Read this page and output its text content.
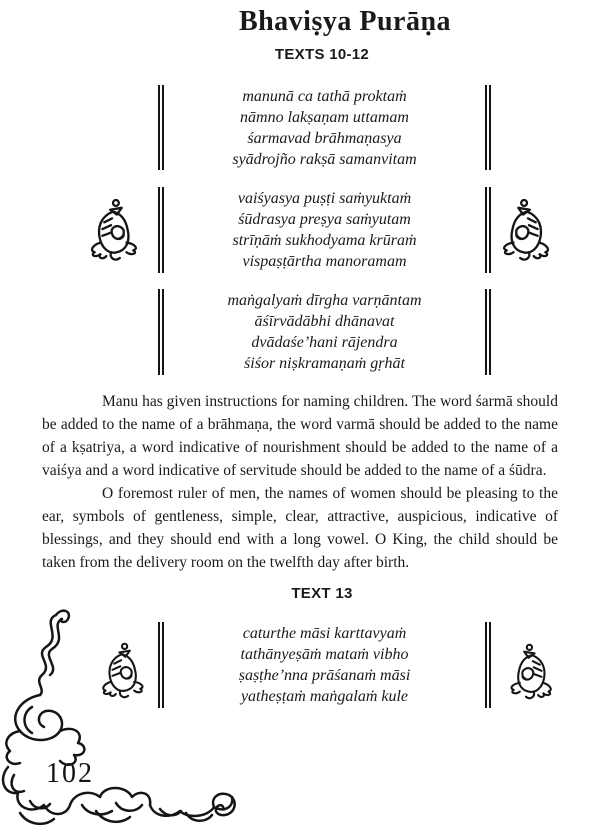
Bhaviṣya Purāṇa
TEXTS 10-12
manunā ca tathā proktaṁ
nāmno lakṣaṇam uttamam
śarmavad brāhmaṇasya
syādrojño rakṣā samanvitam
vaiśyasya puṣṭi saṁyuktaṁ
śūdrasya preṣya saṁyutam
strīṇāṁ sukhodyama krūraṁ
vispaṣṭārtha manoramam
maṅgalyaṁ dīrgha varṇāntam
āśīrvādābhi dhānavat
dvādaśe’hani rājendra
śiśor niṣkramaṇaṁ gṛhāt

Manu has given instructions for naming children. The word śarmā should be added to the name of a brāhmaṇa, the word varmā should be added to the name of a kṣatriya, a word indicative of nourishment should be added to the name of a vaiśya and a word indicative of servitude should be added to the name of a śūdra.

O foremost ruler of men, the names of women should be pleasing to the ear, symbols of gentleness, simple, clear, attractive, auspicious, indicative of blessings, and they should end with a long vowel. O King, the child should be taken from the delivery room on the twelfth day after birth.

TEXT 13
caturthe māsi karttavyaṁ
tathānyeṣāṁ mataṁ vibho
ṣaṣṭhe’nna prāśanaṁ māsi
yatheṣṭaṁ maṅgalaṁ kule
102
